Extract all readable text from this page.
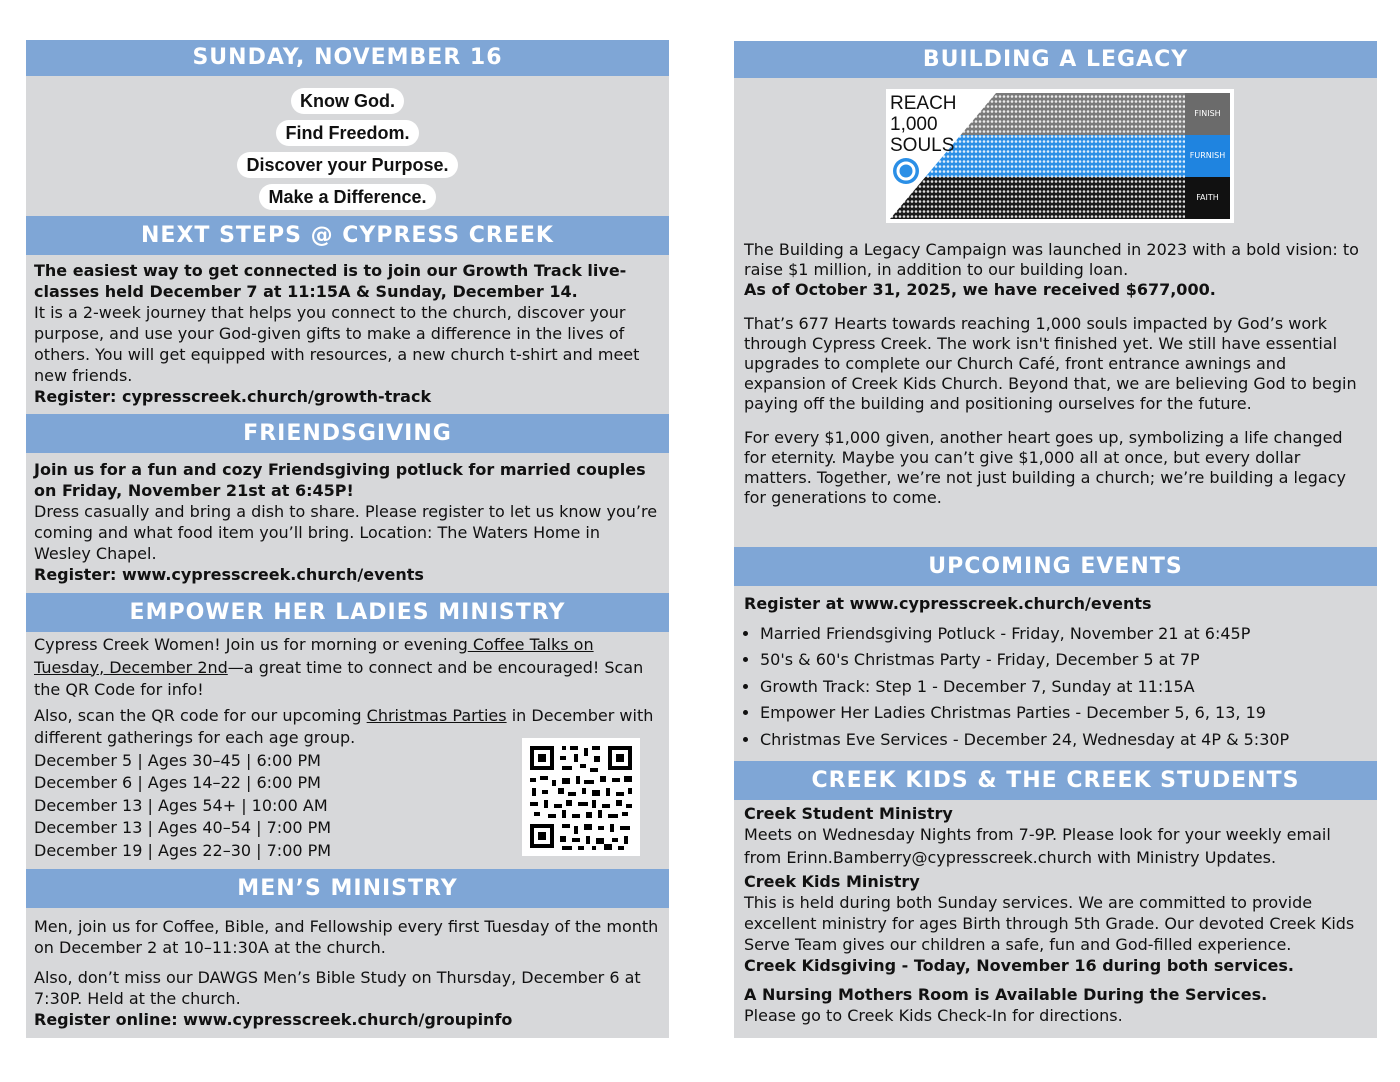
SUNDAY, NOVEMBER 16
Know God.
Find Freedom.
Discover your Purpose.
Make a Difference.
NEXT STEPS @ CYPRESS CREEK

The easiest way to get connected is to join our Growth Track live-classes held December 7 at 11:15A & Sunday, December 14.

It is a 2-week journey that helps you connect to the church, discover your purpose, and use your God-given gifts to make a difference in the lives of others. You will get equipped with resources, a new church t-shirt and meet new friends.

Register: cypresscreek.church/growth-track

FRIENDSGIVING

Join us for a fun and cozy Friendsgiving potluck for married couples on Friday, November 21st at 6:45P!

Dress casually and bring a dish to share. Please register to let us know you’re coming and what food item you’ll bring. Location: The Waters Home in Wesley Chapel.

Register: www.cypresscreek.church/events

EMPOWER HER LADIES MINISTRY

Cypress Creek Women! Join us for morning or evening Coffee Talks on Tuesday, December 2nd—a great time to connect and be encouraged! Scan the QR Code for info!

Also, scan the QR code for our upcoming Christmas Parties in December with different gatherings for each age group.

December 5 | Ages 30–45 | 6:00 PM

December 6 | Ages 14–22 | 6:00 PM

December 13 | Ages 54+ | 10:00 AM

December 13 | Ages 40–54 | 7:00 PM

December 19 | Ages 22–30 | 7:00 PM

MEN’S MINISTRY

Men, join us for Coffee, Bible, and Fellowship every first Tuesday of the month on December 2 at 10–11:30A at the church.

Also, don’t miss our DAWGS Men’s Bible Study on Thursday, December 6 at 7:30P. Held at the church.

Register online: www.cypresscreek.church/groupinfo

BUILDING A LEGACY
REACH
1,000
SOULS
FINISH
FURNISH
FAITH

The Building a Legacy Campaign was launched in 2023 with a bold vision: to raise $1 million, in addition to our building loan.

As of October 31, 2025, we have received $677,000.

That’s 677 Hearts towards reaching 1,000 souls impacted by God’s work through Cypress Creek. The work isn't finished yet. We still have essential upgrades to complete our Church Café, front entrance awnings and expansion of Creek Kids Church. Beyond that, we are believing God to begin paying off the building and positioning ourselves for the future.

For every $1,000 given, another heart goes up, symbolizing a life changed for eternity. Maybe you can’t give $1,000 all at once, but every dollar matters. Together, we’re not just building a church; we’re building a legacy for generations to come.

UPCOMING EVENTS

Register at www.cypresscreek.church/events

• Married Friendsgiving Potluck - Friday, November 21 at 6:45P
• 50's & 60's Christmas Party - Friday, December 5 at 7P
• Growth Track: Step 1 - December 7, Sunday at 11:15A
• Empower Her Ladies Christmas Parties - December 5, 6, 13, 19
• Christmas Eve Services - December 24, Wednesday at 4P & 5:30P
CREEK KIDS & THE CREEK STUDENTS

Creek Student Ministry

Meets on Wednesday Nights from 7-9P. Please look for your weekly email from Erinn.Bamberry@cypresscreek.church with Ministry Updates.

Creek Kids Ministry

This is held during both Sunday services. We are committed to provide excellent ministry for ages Birth through 5th Grade. Our devoted Creek Kids Serve Team gives our children a safe, fun and God-filled experience.

Creek Kidsgiving - Today, November 16 during both services.

A Nursing Mothers Room is Available During the Services.

Please go to Creek Kids Check-In for directions.
